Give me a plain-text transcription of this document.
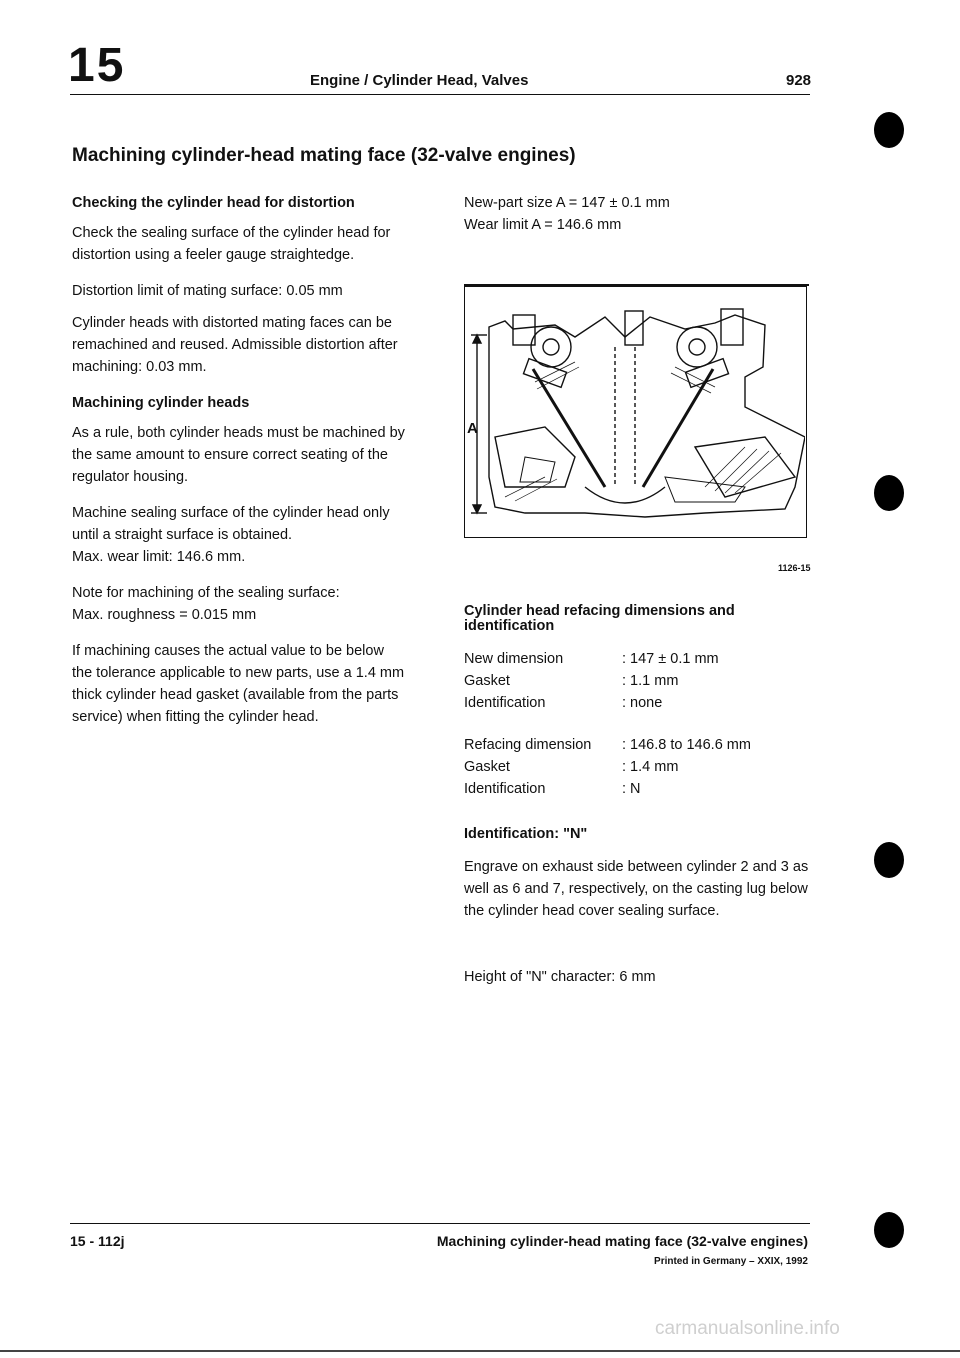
15	Engine / Cylinder Head, Valves	928
Machining cylinder-head mating face (32-valve engines)
Checking the cylinder head for distortion

Check the sealing surface of the cylinder head for distortion using a feeler gauge straightedge.

Distortion limit of mating surface: 0.05 mm

Cylinder heads with distorted mating faces can be remachined and reused. Admissible distortion after machining: 0.03 mm.

Machining cylinder heads

As a rule, both cylinder heads must be machined by the same amount to ensure correct seating of the regulator housing.

Machine sealing surface of the cylinder head only until a straight surface is obtained.

Max. wear limit: 146.6 mm.

Note for machining of the sealing surface:

Max. roughness = 0.015 mm

If machining causes the actual value to be below the tolerance applicable to new parts, use a 1.4 mm thick cylinder head gasket (available from the parts service) when fitting the cylinder head.

New-part size A = 147 ± 0.1 mm

Wear limit A = 146.6 mm

A
1126-15
Cylinder head refacing dimensions and identification
New dimension	: 147 ± 0.1 mm
Gasket	: 1.1 mm
Identification	: none
Refacing dimension	: 146.8 to 146.6 mm
Gasket	: 1.4 mm
Identification	: N
Identification: "N"
Engrave on exhaust side between cylinder 2 and 3 as well as 6 and 7, respectively, on the casting lug below the cylinder head cover sealing surface.
Height of "N" character: 6 mm
15 - 112j	Machining cylinder-head mating face (32-valve engines)
Printed in Germany – XXIX, 1992
carmanualsonline.info
